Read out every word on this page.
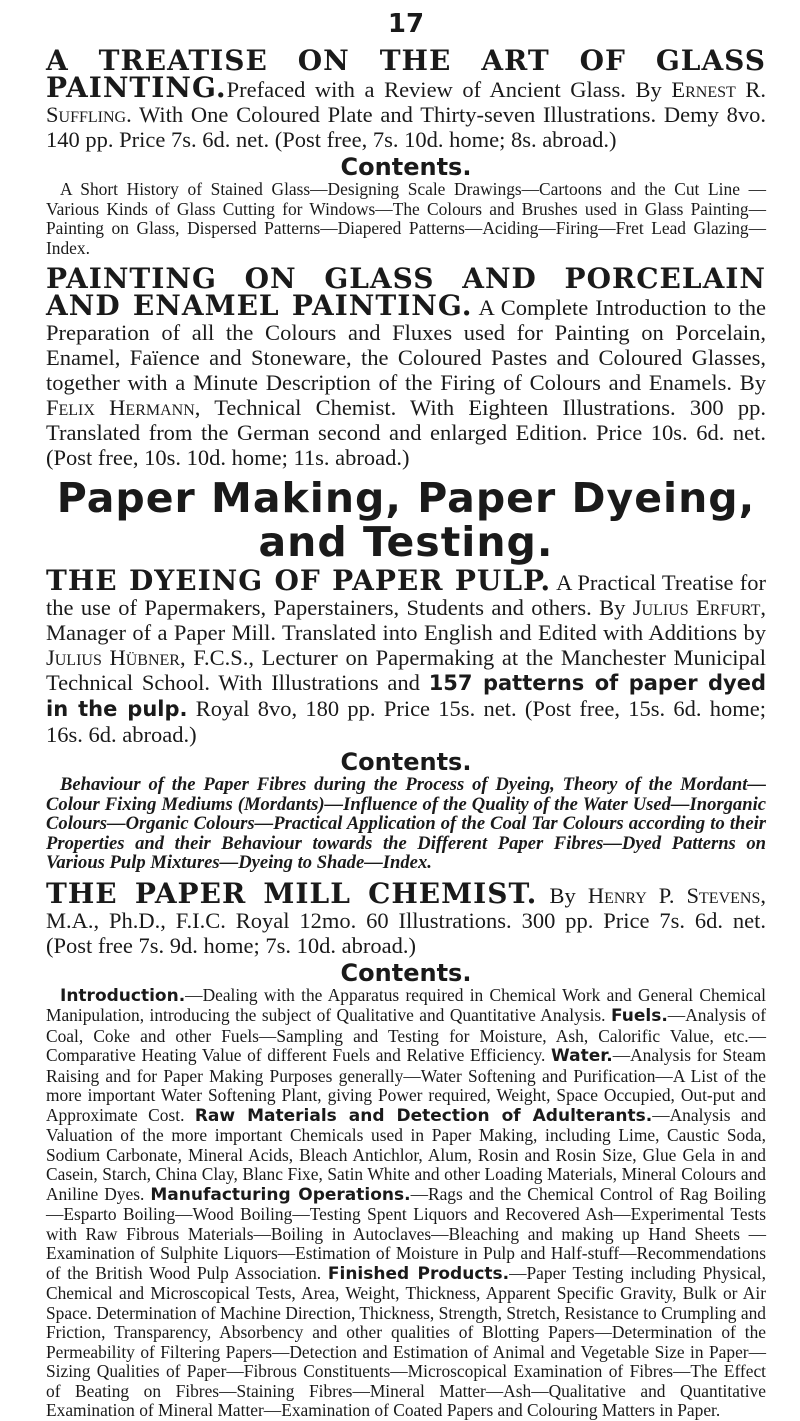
17

A TREATISE ON THE ART OF GLASS PAINTING.Prefaced with a Review of Ancient Glass. By Ernest R. Suffling. With One Coloured Plate and Thirty-seven Illustrations. Demy 8vo. 140 pp. Price 7s. 6d. net. (Post free, 7s. 10d. home; 8s. abroad.)

Contents.

A Short History of Stained Glass—Designing Scale Drawings—Cartoons and the Cut Line —Various Kinds of Glass Cutting for Windows—The Colours and Brushes used in Glass Painting—Painting on Glass, Dispersed Patterns—Diapered Patterns—Aciding—Firing—Fret Lead Glazing—Index.

PAINTING ON GLASS AND PORCELAIN AND ENAMEL PAINTING. A Complete Introduction to the Preparation of all the Colours and Fluxes used for Painting on Porcelain, Enamel, Faïence and Stoneware, the Coloured Pastes and Coloured Glasses, together with a Minute Description of the Firing of Colours and Enamels. By Felix Hermann, Technical Chemist. With Eighteen Illustrations. 300 pp. Translated from the German second and enlarged Edition. Price 10s. 6d. net. (Post free, 10s. 10d. home; 11s. abroad.)

Paper Making, Paper Dyeing,
and Testing.

THE DYEING OF PAPER PULP. A Practical Treatise for the use of Papermakers, Paperstainers, Students and others. By Julius Erfurt, Manager of a Paper Mill. Translated into English and Edited with Additions by Julius Hübner, F.C.S., Lecturer on Papermaking at the Manchester Municipal Technical School. With Illustrations and 157 patterns of paper dyed in the pulp. Royal 8vo, 180 pp. Price 15s. net. (Post free, 15s. 6d. home; 16s. 6d. abroad.)

Contents.

Behaviour of the Paper Fibres during the Process of Dyeing, Theory of the Mordant—Colour Fixing Mediums (Mordants)—Influence of the Quality of the Water Used—Inorganic Colours—Organic Colours—Practical Application of the Coal Tar Colours according to their Properties and their Behaviour towards the Different Paper Fibres—Dyed Patterns on Various Pulp Mixtures—Dyeing to Shade—Index.

THE PAPER MILL CHEMIST. By Henry P. Stevens, M.A., Ph.D., F.I.C. Royal 12mo. 60 Illustrations. 300 pp. Price 7s. 6d. net. (Post free 7s. 9d. home; 7s. 10d. abroad.)

Contents.

Introduction.—Dealing with the Apparatus required in Chemical Work and General Chemical Manipulation, introducing the subject of Qualitative and Quantitative Analysis. Fuels.—Analysis of Coal, Coke and other Fuels—Sampling and Testing for Moisture, Ash, Calorific Value, etc.—Comparative Heating Value of different Fuels and Relative Efficiency. Water.—Analysis for Steam Raising and for Paper Making Purposes generally—Water Softening and Purification—A List of the more important Water Softening Plant, giving Power required, Weight, Space Occupied, Out-put and Approximate Cost. Raw Materials and Detection of Adulterants.—Analysis and Valuation of the more important Chemicals used in Paper Making, including Lime, Caustic Soda, Sodium Carbonate, Mineral Acids, Bleach Antichlor, Alum, Rosin and Rosin Size, Glue Gela in and Casein, Starch, China Clay, Blanc Fixe, Satin White and other Loading Materials, Mineral Colours and Aniline Dyes. Manufacturing Operations.—Rags and the Chemical Control of Rag Boiling—Esparto Boiling—Wood Boiling—Testing Spent Liquors and Recovered Ash—Experimental Tests with Raw Fibrous Materials—Boiling in Autoclaves—Bleaching and making up Hand Sheets —Examination of Sulphite Liquors—Estimation of Moisture in Pulp and Half-stuff—Recommendations of the British Wood Pulp Association. Finished Products.—Paper Testing including Physical, Chemical and Microscopical Tests, Area, Weight, Thickness, Apparent Specific Gravity, Bulk or Air Space. Determination of Machine Direction, Thickness, Strength, Stretch, Resistance to Crumpling and Friction, Transparency, Absorbency and other qualities of Blotting Papers—Determination of the Permeability of Filtering Papers—Detection and Estimation of Animal and Vegetable Size in Paper—Sizing Qualities of Paper—Fibrous Constituents—Microscopical Examination of Fibres—The Effect of Beating on Fibres—Staining Fibres—Mineral Matter—Ash—Qualitative and Quantitative Examination of Mineral Matter—Examination of Coated Papers and Colouring Matters in Paper.
